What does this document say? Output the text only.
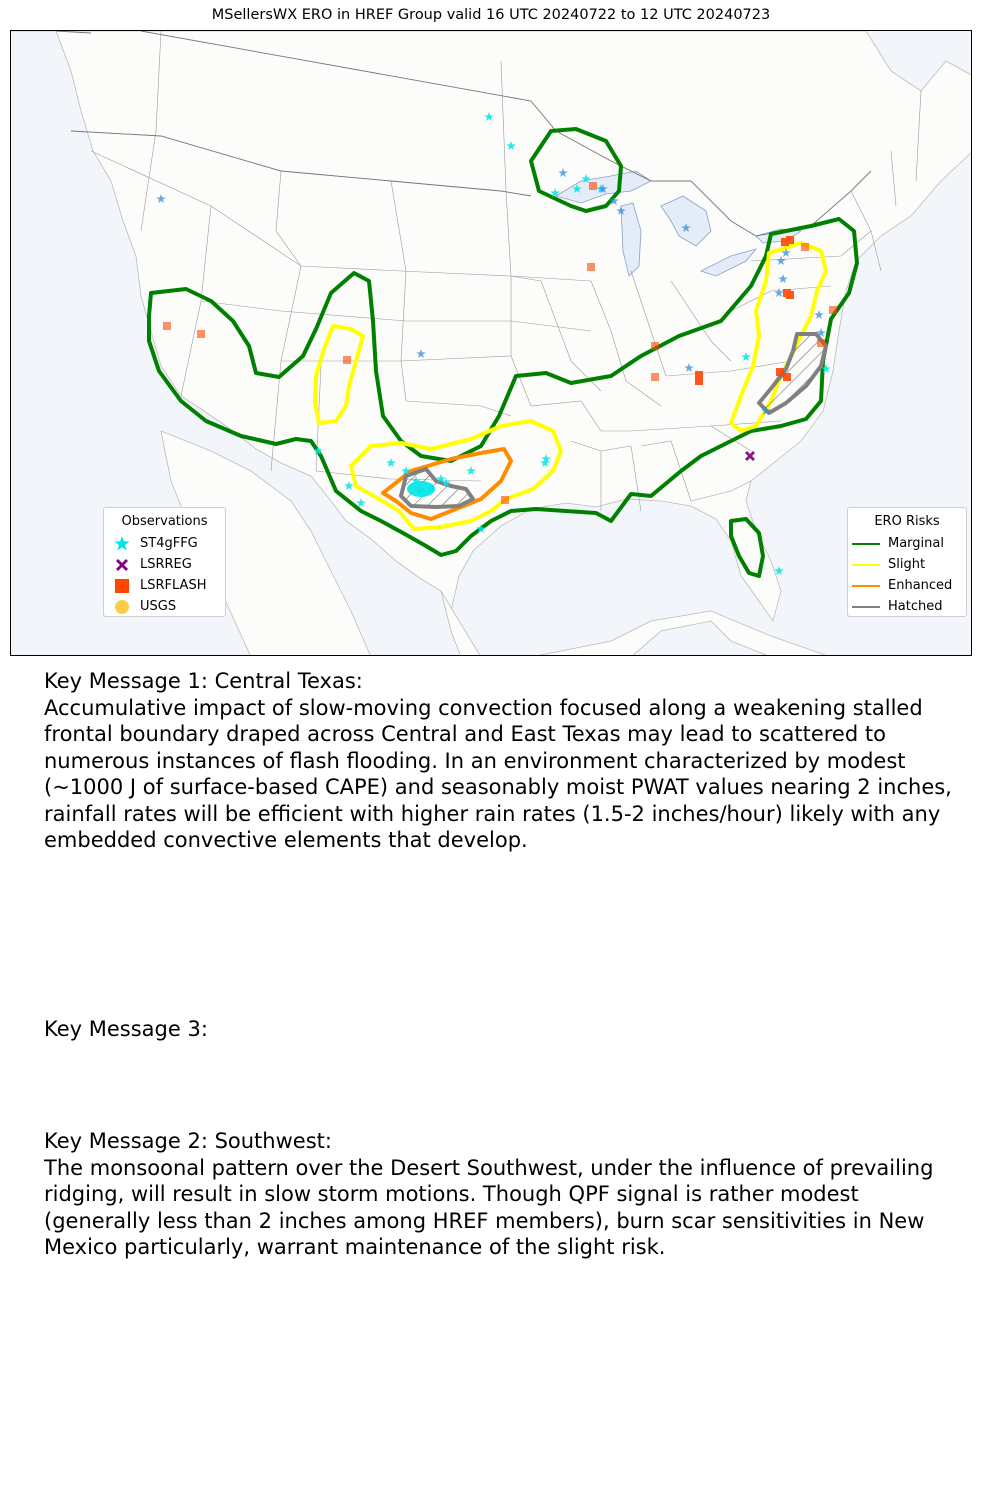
MSellersWX ERO in HREF Group valid 16 UTC 20240722 to 12 UTC 20240723
Observations
ST4gFFG
LSRREG
LSRFLASH
USGS
ERO Risks
Marginal
Slight
Enhanced
Hatched
Key Message 1: Central Texas:
Accumulative impact of slow-moving convection focused along a weakening stalled frontal boundary draped across Central and East Texas may lead to scattered to numerous instances of flash flooding. In an environment characterized by modest (~1000 J of surface-based CAPE) and seasonably moist PWAT values nearing 2 inches, rainfall rates will be efficient with higher rain rates (1.5-2 inches/hour) likely with any embedded convective elements that develop.
Key Message 3:
Key Message 2: Southwest:
The monsoonal pattern over the Desert Southwest, under the influence of prevailing ridging, will result in slow storm motions. Though QPF signal is rather modest (generally less than 2 inches among HREF members), burn scar sensitivities in New Mexico particularly, warrant maintenance of the slight risk.
